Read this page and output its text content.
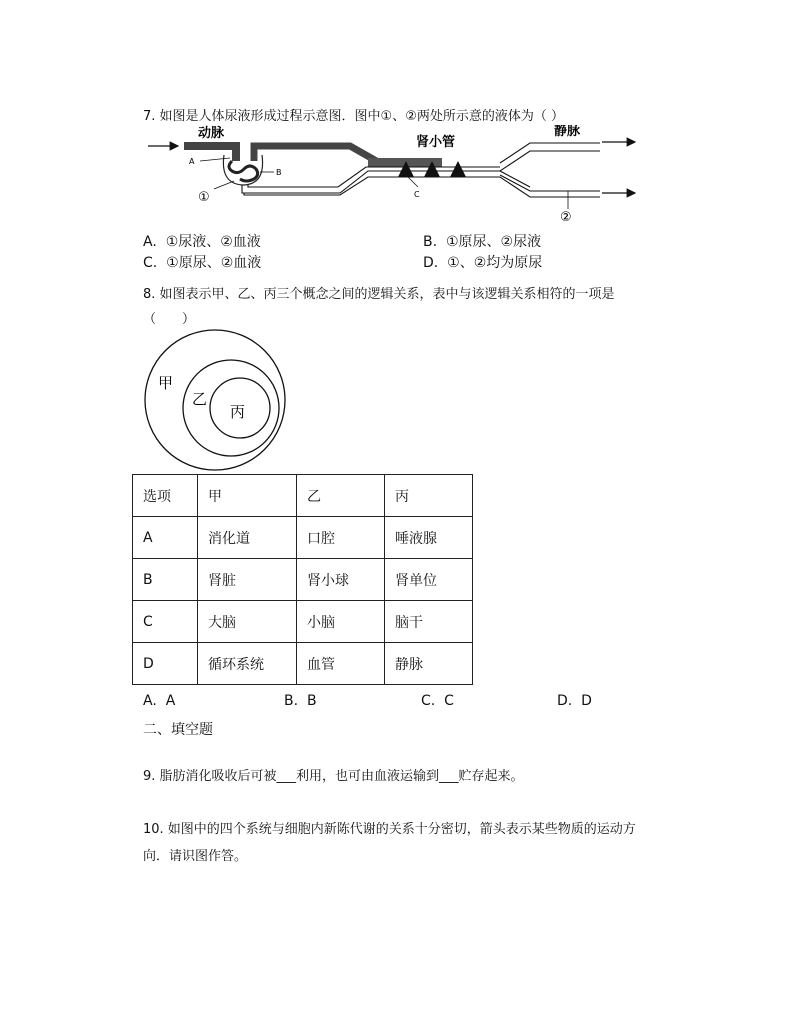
7. 如图是人体尿液形成过程示意图．图中①、②两处所示意的液体为（ ）
动脉
肾小管
静脉
A
B
C
①
②
A. ①尿液、②血液	B. ①原尿、②尿液
C. ①原尿、②血液	D. ①、②均为原尿
8. 如图表示甲、乙、丙三个概念之间的逻辑关系，表中与该逻辑关系相符的一项是
（　　）
甲
乙
丙
选项	甲	乙	丙
A	消化道	口腔	唾液腺
B	肾脏	肾小球	肾单位
C	大脑	小脑	脑干
D	循环系统	血管	静脉
A. A	B. B	C. C	D. D
二、填空题
9. 脂肪消化吸收后可被___利用，也可由血液运输到___贮存起来。
10. 如图中的四个系统与细胞内新陈代谢的关系十分密切，箭头表示某些物质的运动方
向．请识图作答。
